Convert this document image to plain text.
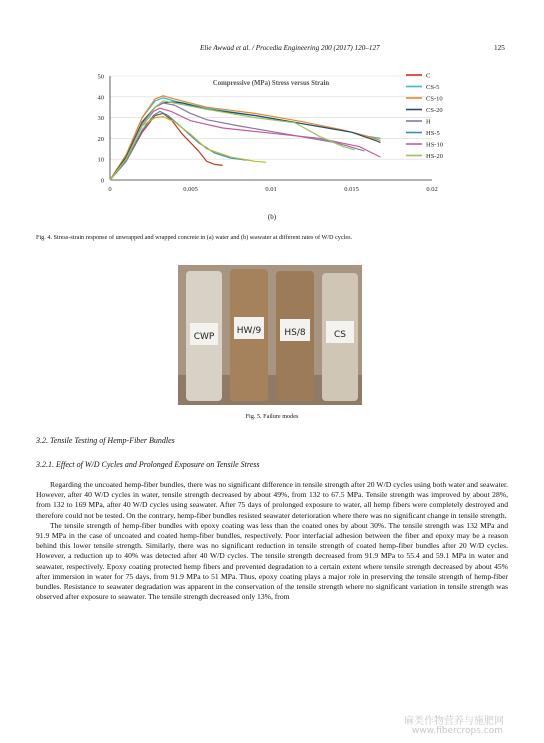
Elie Awwad et al. / Procedia Engineering 200 (2017) 120–127	125
0
10
20
30
40
50
0	0.005	0.01	0.015	0.02
Compressive (MPa) Stress versus Strain
C
CS-5
CS-10
CS-20
H
HS-5
HS-10
HS-20
(b)
Fig. 4. Stress-strain response of unwrapped and wrapped concrete in (a) water and (b) seawater at different rates of W/D cycles.
CWP
HW/9	HS/8	CS
Fig. 5. Failure modes
3.2. Tensile Testing of Hemp-Fiber Bundles
3.2.1. Effect of W/D Cycles and Prolonged Exposure on Tensile Stress

Regarding the uncoated hemp-fiber bundles, there was no significant difference in tensile strength after 20 W/D cycles using both water and seawater. However, after 40 W/D cycles in water, tensile strength decreased by about 49%, from 132 to 67.5 MPa. Tensile strength was improved by about 28%, from 132 to 169 MPa, after 40 W/D cycles using seawater. After 75 days of prolonged exposure to water, all hemp fibers were completely destroyed and therefore could not be tested. On the contrary, hemp-fiber bundles resisted seawater deterioration where there was no significant change in tensile strength.

The tensile strength of hemp-fiber bundles with epoxy coating was less than the coated ones by about 30%. The tensile strength was 132 MPa and 91.9 MPa in the case of uncoated and coated hemp-fiber bundles, respectively. Poor interfacial adhesion between the fiber and epoxy may be a reason behind this lower tensile strength. Similarly, there was no significant reduction in tensile strength of coated hemp-fiber bundles after 20 W/D cycles. However, a reduction up to 40% was detected after 40 W/D cycles. The tensile strength decreased from 91.9 MPa to 55.4 and 59.1 MPa in water and seawater, respectively. Epoxy coating protected hemp fibers and prevented degradation to a certain extent where tensile strength decreased by about 45% after immersion in water for 75 days, from 91.9 MPa to 51 MPa. Thus, epoxy coating plays a major role in preserving the tensile strength of hemp-fiber bundles. Resistance to seawater degradation was apparent in the conservation of the tensile strength where no significant variation in tensile strength was observed after exposure to seawater. The tensile strength decreased only 13%, from

麻类作物营养与施肥网
www.fibercrops.com
